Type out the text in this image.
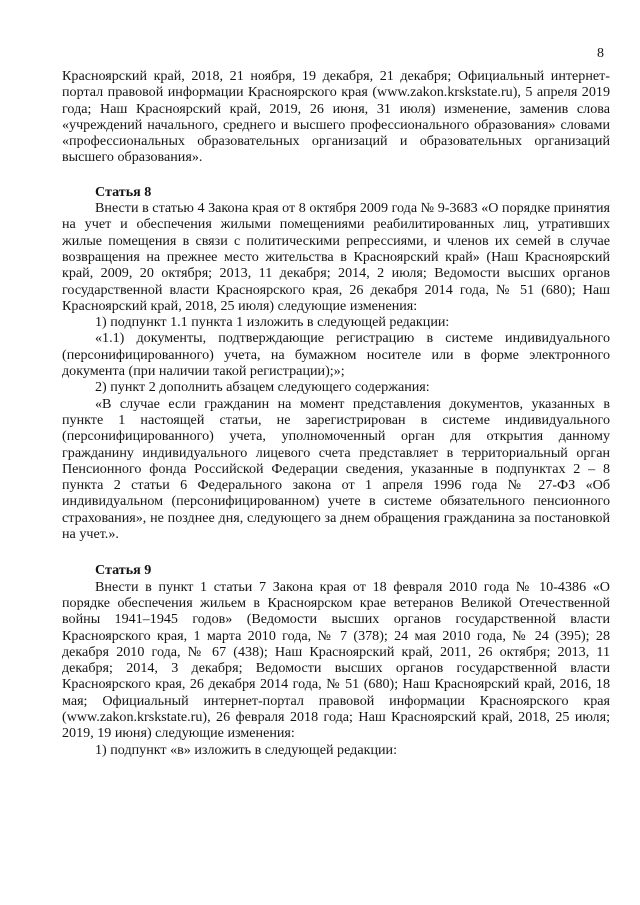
8

Красноярский край, 2018, 21 ноября, 19 декабря, 21 декабря; Официальный интернет-портал правовой информации Красноярского края (www.zakon.krskstate.ru), 5 апреля 2019 года; Наш Красноярский край, 2019, 26 июня, 31 июля) изменение, заменив слова «учреждений начального, среднего и высшего профессионального образования» словами «профессиональных образовательных организаций и образовательных организаций высшего образования».

Статья 8

Внести в статью 4 Закона края от 8 октября 2009 года № 9-3683 «О порядке принятия на учет и обеспечения жилыми помещениями реабилитированных лиц, утративших жилые помещения в связи с политическими репрессиями, и членов их семей в случае возвращения на прежнее место жительства в Красноярский край» (Наш Красноярский край, 2009, 20 октября; 2013, 11 декабря; 2014, 2 июля; Ведомости высших органов государственной власти Красноярского края, 26 декабря 2014 года, № 51 (680); Наш Красноярский край, 2018, 25 июля) следующие изменения:

1) подпункт 1.1 пункта 1 изложить в следующей редакции:

«1.1) документы, подтверждающие регистрацию в системе индивидуального (персонифицированного) учета, на бумажном носителе или в форме электронного документа (при наличии такой регистрации);»;

2) пункт 2 дополнить абзацем следующего содержания:

«В случае если гражданин на момент представления документов, указанных в пункте 1 настоящей статьи, не зарегистрирован в системе индивидуального (персонифицированного) учета, уполномоченный орган для открытия данному гражданину индивидуального лицевого счета представляет в территориальный орган Пенсионного фонда Российской Федерации сведения, указанные в подпунктах 2 – 8 пункта 2 статьи 6 Федерального закона от 1 апреля 1996 года № 27-ФЗ «Об индивидуальном (персонифицированном) учете в системе обязательного пенсионного страхования», не позднее дня, следующего за днем обращения гражданина за постановкой на учет.».

Статья 9

Внести в пункт 1 статьи 7 Закона края от 18 февраля 2010 года № 10-4386 «О порядке обеспечения жильем в Красноярском крае ветеранов Великой Отечественной войны 1941–1945 годов» (Ведомости высших органов государственной власти Красноярского края, 1 марта 2010 года, № 7 (378); 24 мая 2010 года, № 24 (395); 28 декабря 2010 года, № 67 (438); Наш Красноярский край, 2011, 26 октября; 2013, 11 декабря; 2014, 3 декабря; Ведомости высших органов государственной власти Красноярского края, 26 декабря 2014 года, № 51 (680); Наш Красноярский край, 2016, 18 мая; Официальный интернет-портал правовой информации Красноярского края (www.zakon.krskstate.ru), 26 февраля 2018 года; Наш Красноярский край, 2018, 25 июля; 2019, 19 июня) следующие изменения:

1) подпункт «в» изложить в следующей редакции:
